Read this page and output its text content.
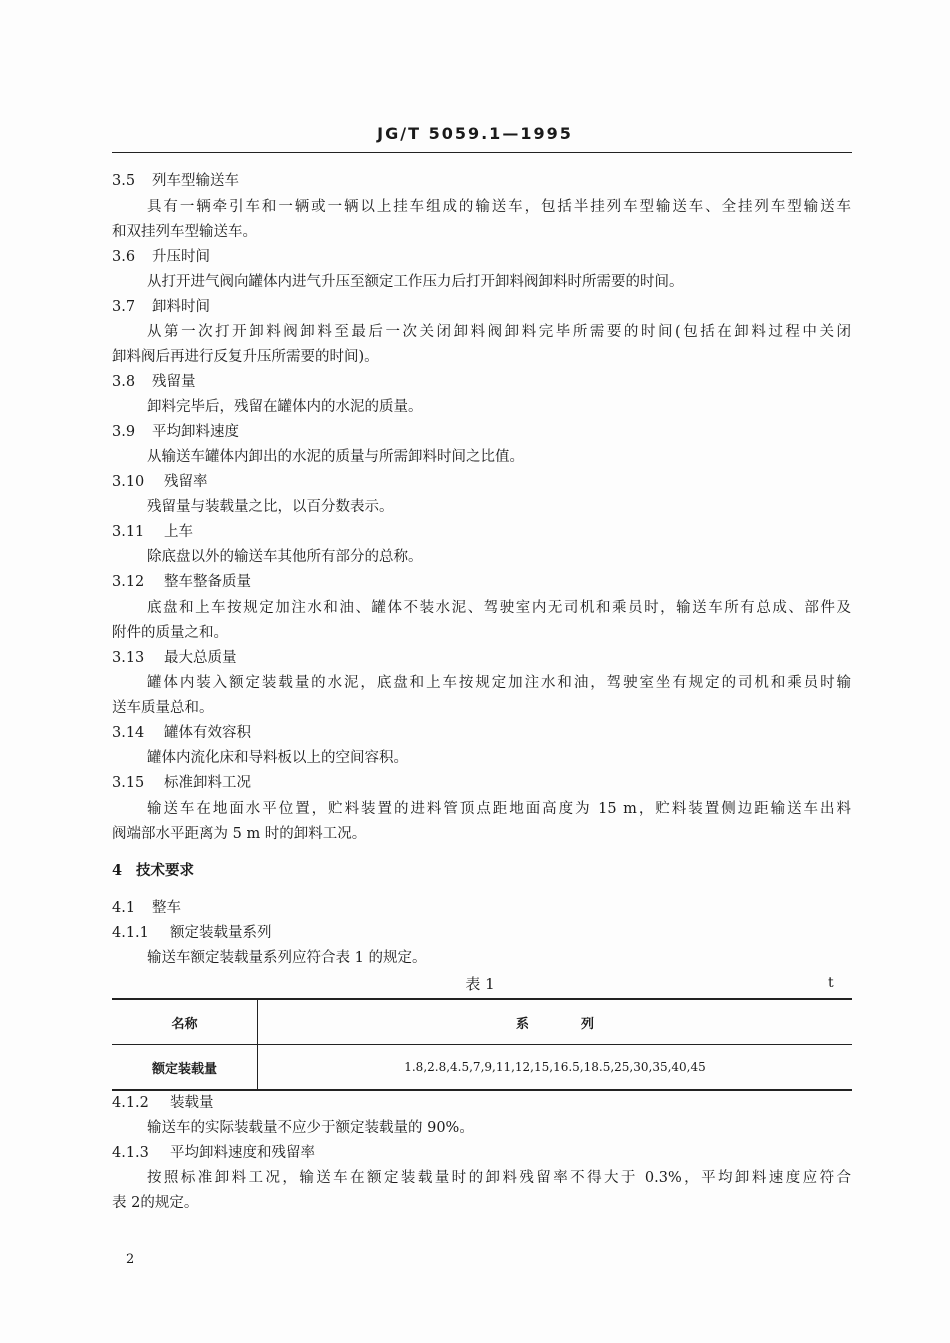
JG/T 5059.1—1995
3.5 列车型输送车
具有一辆牵引车和一辆或一辆以上挂车组成的输送车，包括半挂列车型输送车、全挂列车型输送车
和双挂列车型输送车。
3.6 升压时间
从打开进气阀向罐体内进气升压至额定工作压力后打开卸料阀卸料时所需要的时间。
3.7 卸料时间
从第一次打开卸料阀卸料至最后一次关闭卸料阀卸料完毕所需要的时间(包括在卸料过程中关闭
卸料阀后再进行反复升压所需要的时间)。
3.8 残留量
卸料完毕后，残留在罐体内的水泥的质量。
3.9 平均卸料速度
从输送车罐体内卸出的水泥的质量与所需卸料时间之比值。
3.10 残留率
残留量与装载量之比，以百分数表示。
3.11 上车
除底盘以外的输送车其他所有部分的总称。
3.12 整车整备质量
底盘和上车按规定加注水和油、罐体不装水泥、驾驶室内无司机和乘员时，输送车所有总成、部件及
附件的质量之和。
3.13 最大总质量
罐体内装入额定装载量的水泥，底盘和上车按规定加注水和油，驾驶室坐有规定的司机和乘员时输
送车质量总和。
3.14 罐体有效容积
罐体内流化床和导料板以上的空间容积。
3.15 标准卸料工况
输送车在地面水平位置，贮料装置的进料管顶点距地面高度为 15 m，贮料装置侧边距输送车出料
阀端部水平距离为 5 m 时的卸料工况。
4 技术要求
4.1 整车
4.1.1 额定装载量系列
输送车额定装载量系列应符合表 1 的规定。
表 1	t
名称	系　　　　列
额定装载量	1.8,2.8,4.5,7,9,11,12,15,16.5,18.5,25,30,35,40,45
4.1.2 装载量
输送车的实际装载量不应少于额定装载量的 90%。
4.1.3 平均卸料速度和残留率
按照标准卸料工况，输送车在额定装载量时的卸料残留率不得大于 0.3%，平均卸料速度应符合
表 2的规定。
2
